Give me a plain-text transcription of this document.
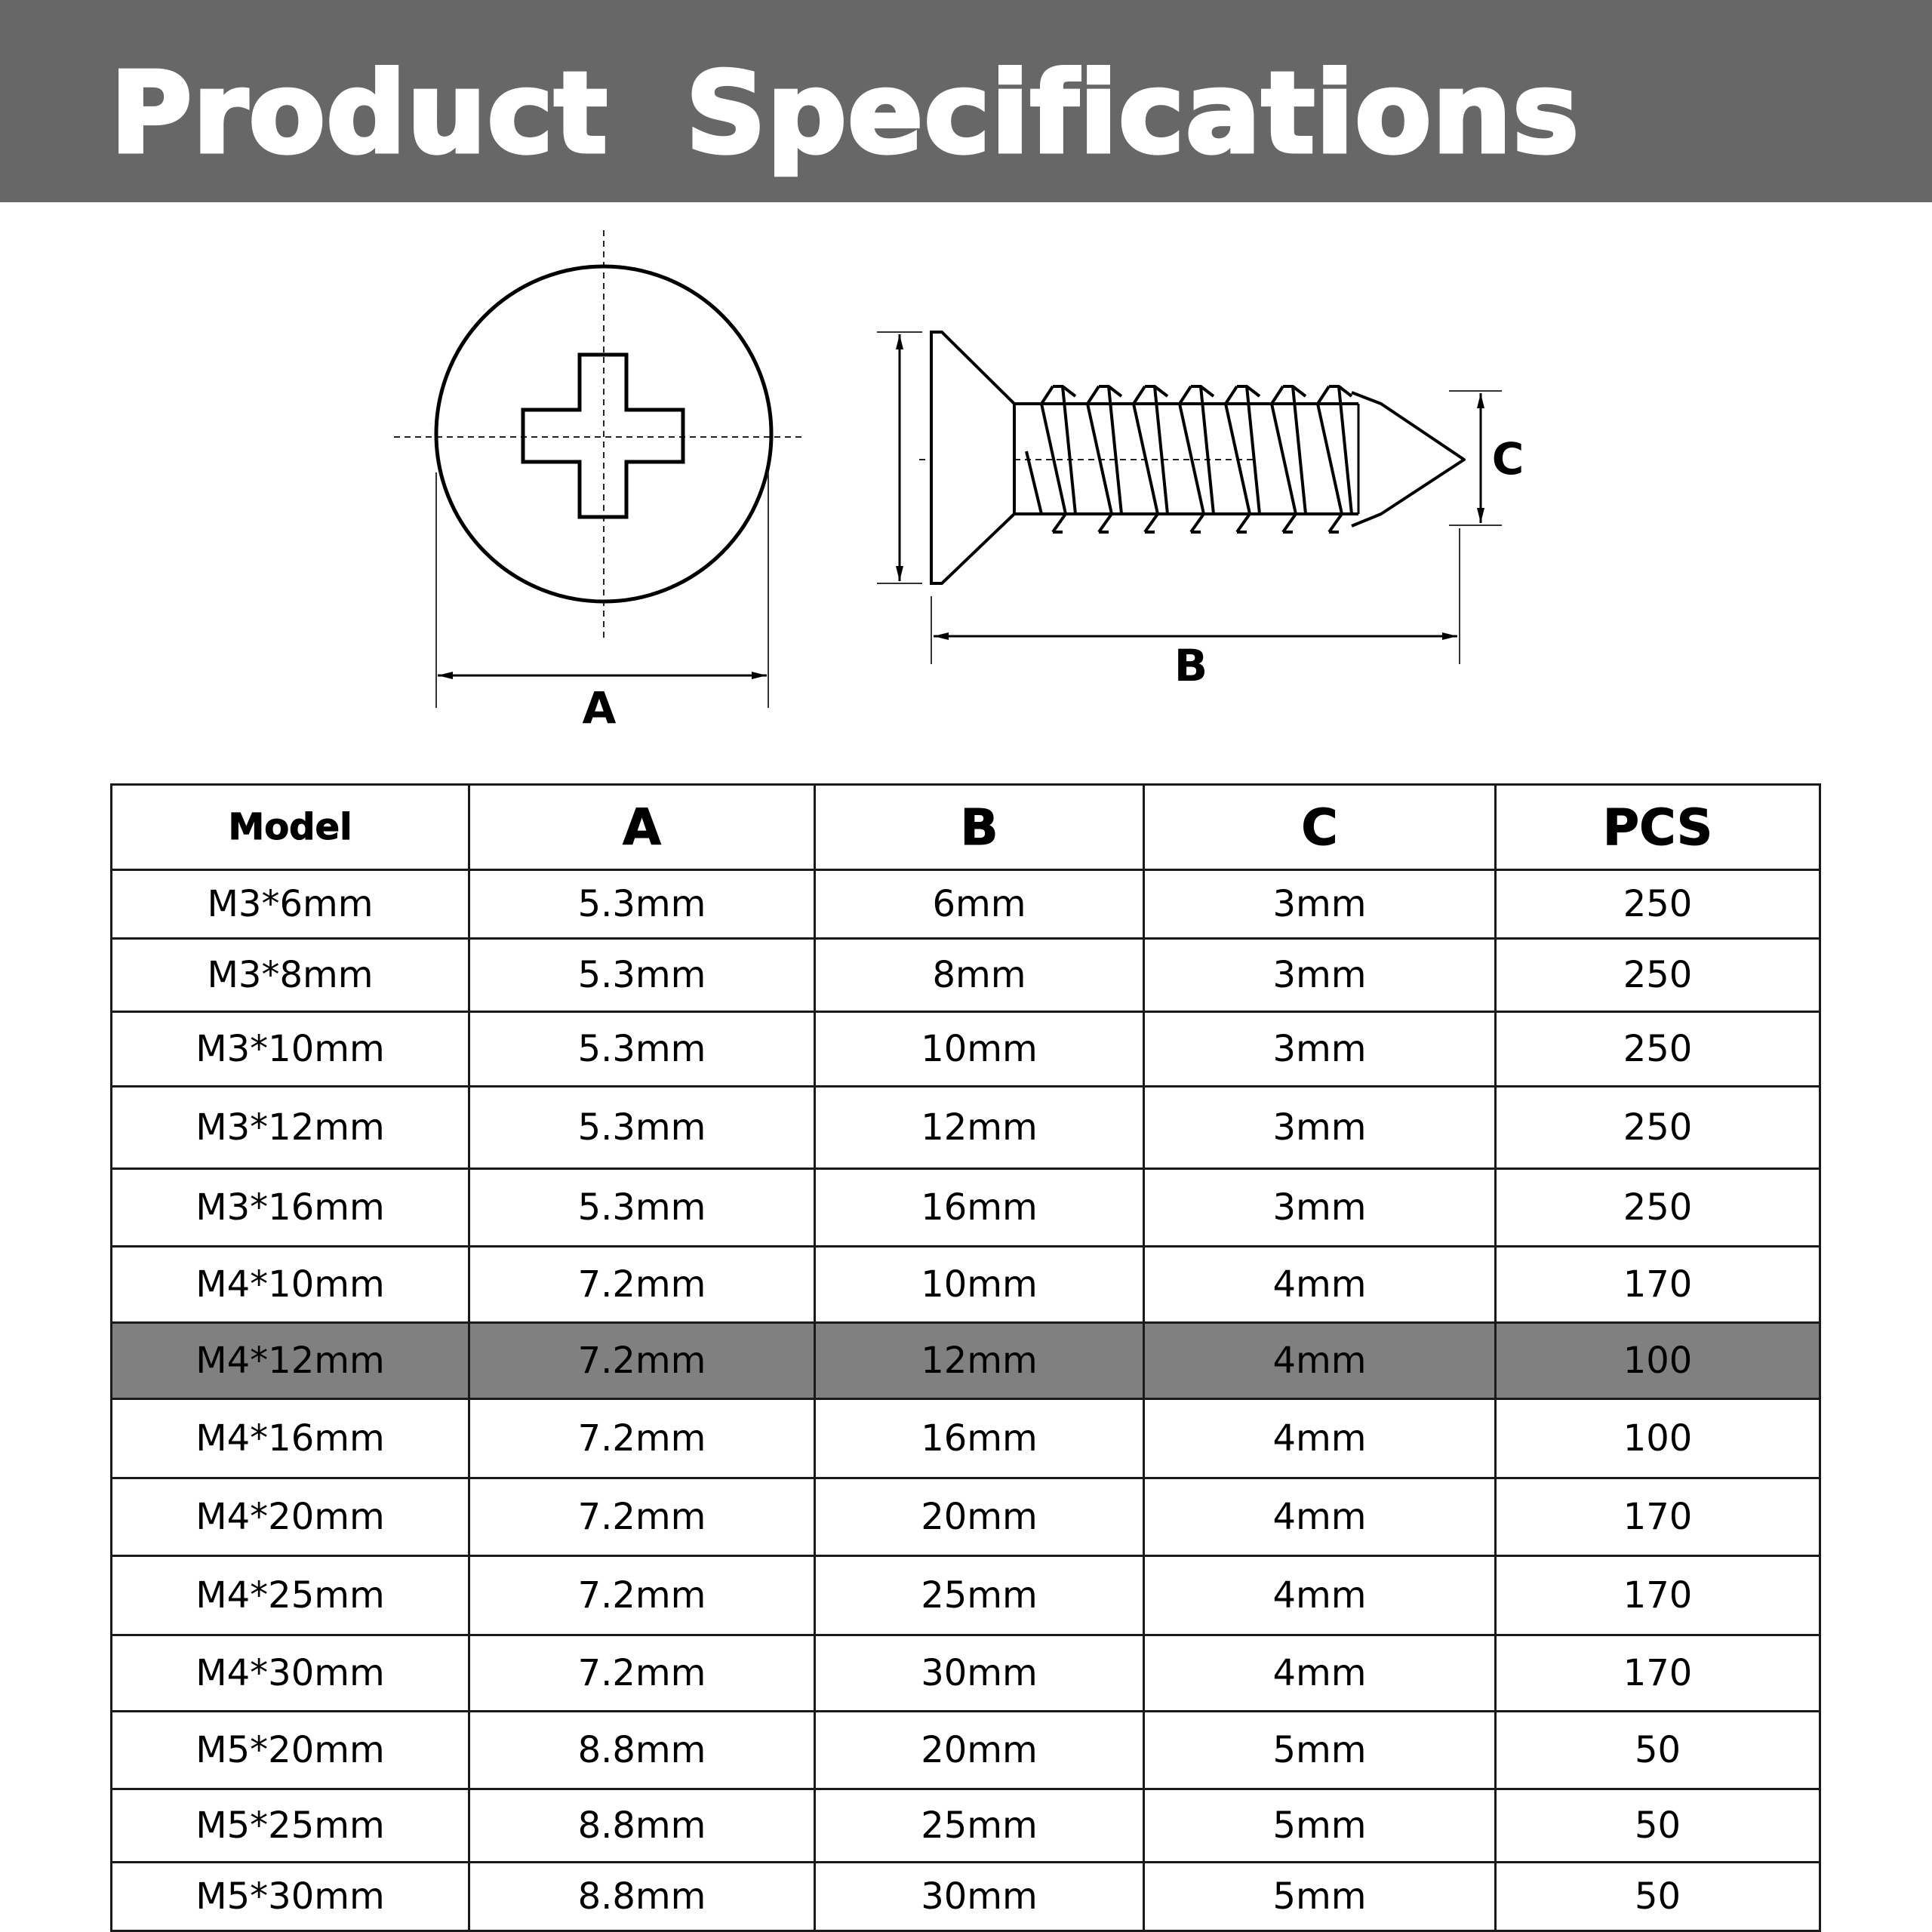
Product Specifications
A
C
B
Model	A	B	C	PCS
M3*6mm	5.3mm	6mm	3mm	250
M3*8mm	5.3mm	8mm	3mm	250
M3*10mm	5.3mm	10mm	3mm	250
M3*12mm	5.3mm	12mm	3mm	250
M3*16mm	5.3mm	16mm	3mm	250
M4*10mm	7.2mm	10mm	4mm	170
M4*12mm	7.2mm	12mm	4mm	100
M4*16mm	7.2mm	16mm	4mm	100
M4*20mm	7.2mm	20mm	4mm	170
M4*25mm	7.2mm	25mm	4mm	170
M4*30mm	7.2mm	30mm	4mm	170
M5*20mm	8.8mm	20mm	5mm	50
M5*25mm	8.8mm	25mm	5mm	50
M5*30mm	8.8mm	30mm	5mm	50
